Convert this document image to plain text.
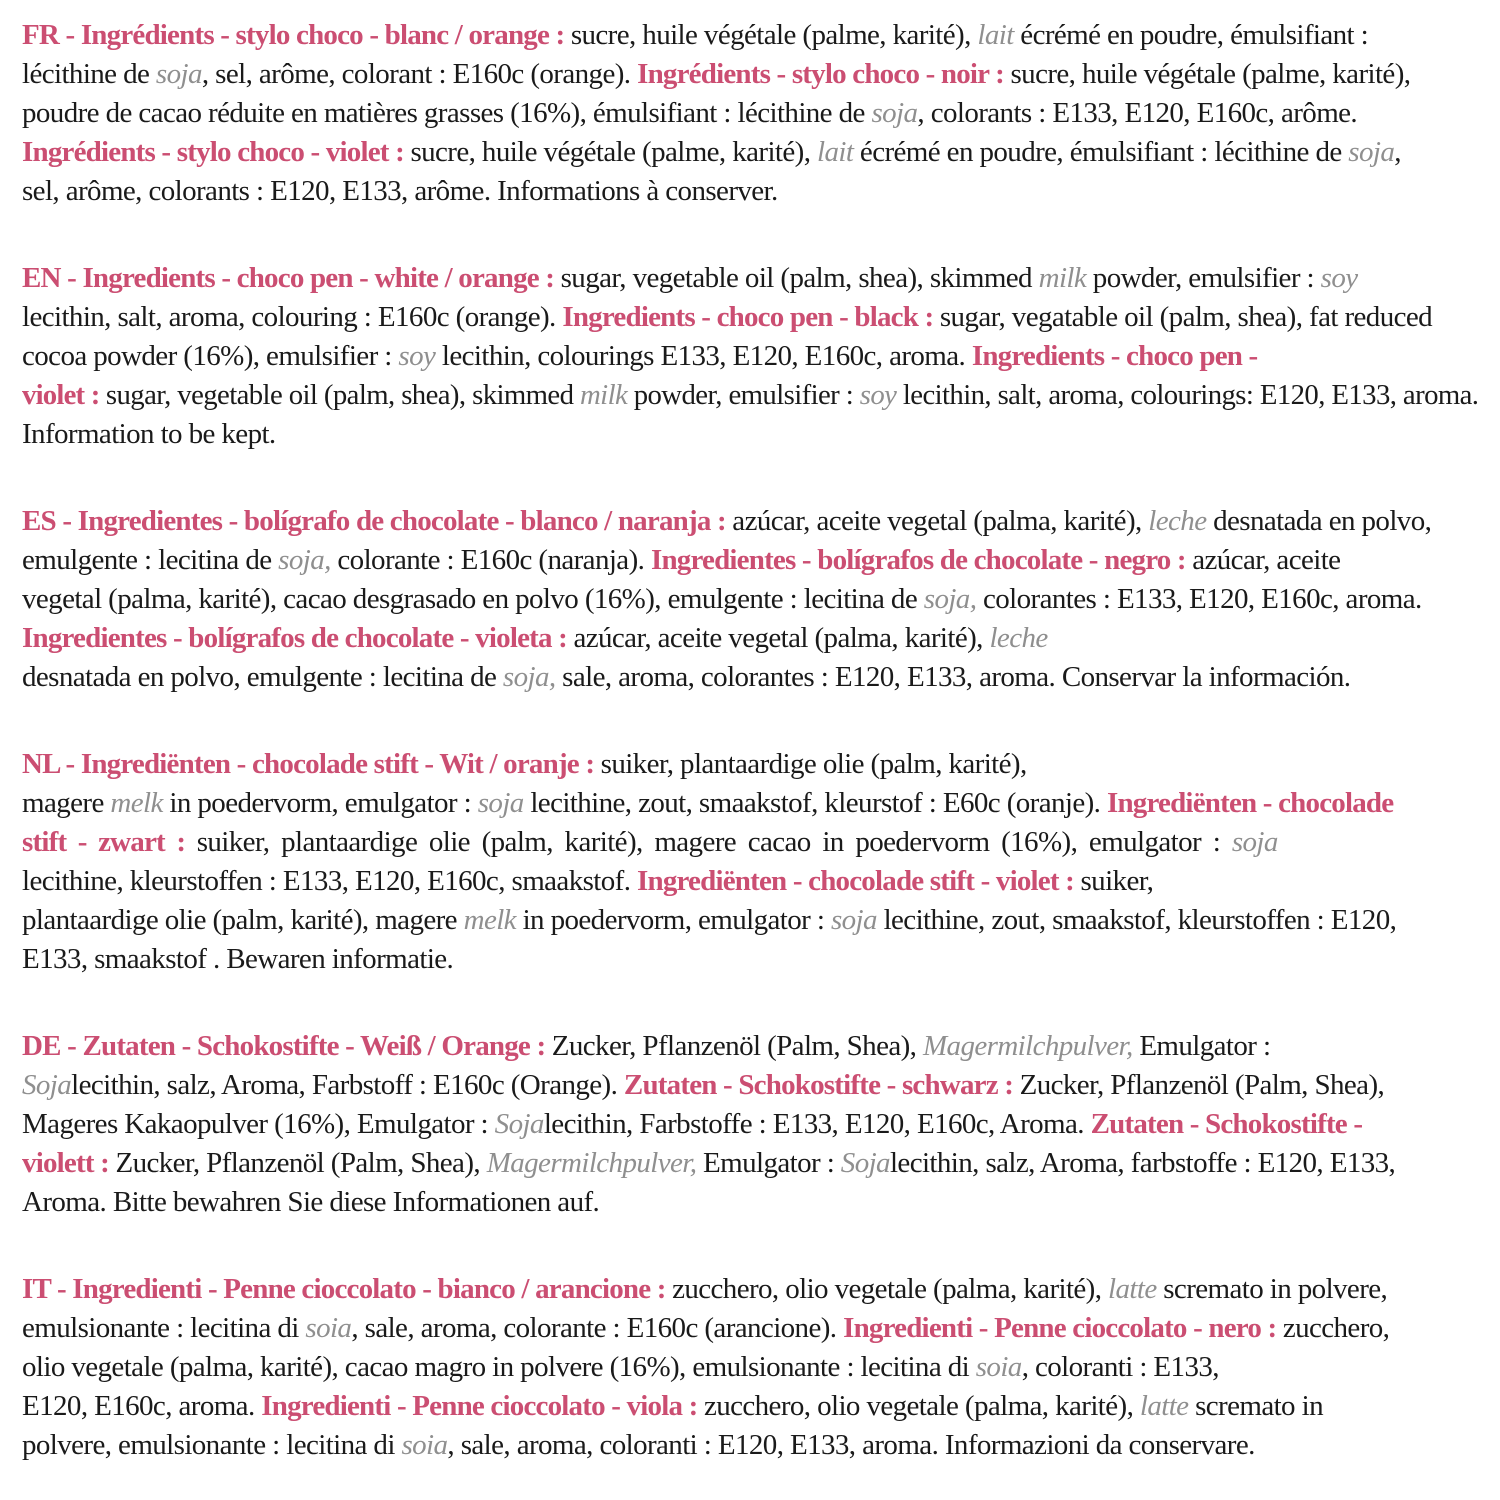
FR - Ingrédients - stylo choco - blanc / orange : sucre, huile végétale (palme, karité), lait écrémé en poudre, émulsifiant :
lécithine de soja, sel, arôme, colorant : E160c (orange). Ingrédients - stylo choco - noir : sucre, huile végétale (palme, karité),
poudre de cacao réduite en matières grasses (16%), émulsifiant : lécithine de soja, colorants : E133, E120, E160c, arôme.
Ingrédients - stylo choco - violet : sucre, huile végétale (palme, karité), lait écrémé en poudre, émulsifiant : lécithine de soja,
sel, arôme, colorants : E120, E133, arôme. Informations à conserver.
EN - Ingredients - choco pen - white / orange : sugar, vegetable oil (palm, shea), skimmed milk powder, emulsifier : soy
lecithin, salt, aroma, colouring : E160c (orange). Ingredients - choco pen - black : sugar, vegatable oil (palm, shea), fat reduced
cocoa powder (16%), emulsifier : soy lecithin, colourings E133, E120, E160c, aroma. Ingredients - choco pen -
violet : sugar, vegetable oil (palm, shea), skimmed milk powder, emulsifier : soy lecithin, salt, aroma, colourings: E120, E133, aroma.
Information to be kept.
ES - Ingredientes - bolígrafo de chocolate - blanco / naranja : azúcar, aceite vegetal (palma, karité), leche desnatada en polvo,
emulgente : lecitina de soja, colorante : E160c (naranja). Ingredientes - bolígrafos de chocolate - negro : azúcar, aceite
vegetal (palma, karité), cacao desgrasado en polvo (16%), emulgente : lecitina de soja, colorantes : E133, E120, E160c, aroma.
Ingredientes - bolígrafos de chocolate - violeta : azúcar, aceite vegetal (palma, karité), leche
desnatada en polvo, emulgente : lecitina de soja, sale, aroma, colorantes : E120, E133, aroma. Conservar la información.
NL - Ingrediënten - chocolade stift - Wit / oranje : suiker, plantaardige olie (palm, karité),
magere melk in poedervorm, emulgator : soja lecithine, zout, smaakstof, kleurstof : E60c (oranje). Ingrediënten - chocolade
stift - zwart : suiker, plantaardige olie (palm, karité), magere cacao in poedervorm (16%), emulgator : soja
lecithine, kleurstoffen : E133, E120, E160c, smaakstof. Ingrediënten - chocolade stift - violet : suiker,
plantaardige olie (palm, karité), magere melk in poedervorm, emulgator : soja lecithine, zout, smaakstof, kleurstoffen : E120,
E133, smaakstof . Bewaren informatie.
DE - Zutaten - Schokostifte - Weiß / Orange : Zucker, Pflanzenöl (Palm, Shea), Magermilchpulver, Emulgator :
Sojalecithin, salz, Aroma, Farbstoff : E160c (Orange). Zutaten - Schokostifte - schwarz : Zucker, Pflanzenöl (Palm, Shea),
Mageres Kakaopulver (16%), Emulgator : Sojalecithin, Farbstoffe : E133, E120, E160c, Aroma. Zutaten - Schokostifte -
violett : Zucker, Pflanzenöl (Palm, Shea), Magermilchpulver, Emulgator : Sojalecithin, salz, Aroma, farbstoffe : E120, E133,
Aroma. Bitte bewahren Sie diese Informationen auf.
IT - Ingredienti - Penne cioccolato - bianco / arancione : zucchero, olio vegetale (palma, karité), latte scremato in polvere,
emulsionante : lecitina di soia, sale, aroma, colorante : E160c (arancione). Ingredienti - Penne cioccolato - nero : zucchero,
olio vegetale (palma, karité), cacao magro in polvere (16%), emulsionante : lecitina di soia, coloranti : E133,
E120, E160c, aroma. Ingredienti - Penne cioccolato - viola : zucchero, olio vegetale (palma, karité), latte scremato in
polvere, emulsionante : lecitina di soia, sale, aroma, coloranti : E120, E133, aroma. Informazioni da conservare.
